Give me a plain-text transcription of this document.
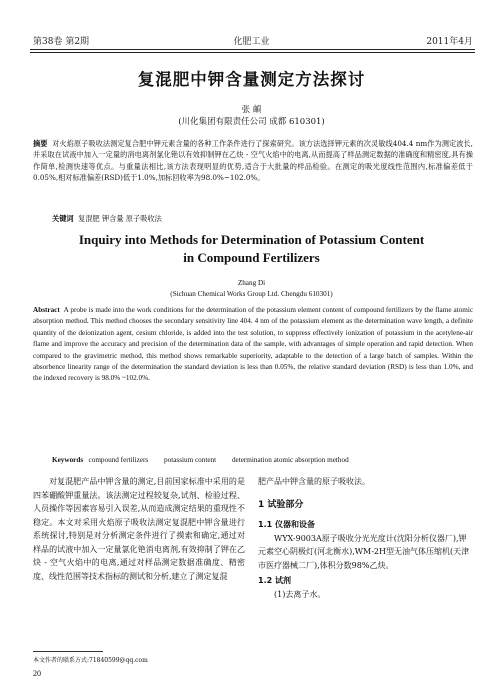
第38卷 第2期	化肥工业	2011年4月
复混肥中钾含量测定方法探讨
张 頔
(川化集团有限责任公司 成都 610301)
摘要 对火焰原子吸收法测定复合肥中钾元素含量的各种工作条件进行了探索研究。该方法选择钾元素的次灵敏线404.4 nm作为测定波长,并采取在试液中加入一定量的消电离剂氯化铯以有效抑制钾在乙炔 - 空气火焰中的电离,从而提高了样品测定数据的准确度和精密度,具有操作简单,检测快速等优点。与重量法相比,该方法表现明显的优势,适合于大批量的样品检验。在测定的吸光度线性范围内,标准偏差低于0.05%,相对标准偏差(RSD)低于1.0%,加标回收率为98.0%~102.0%。
关键词 复混肥 钾含量 原子吸收法
Inquiry into Methods for Determination of Potassium Content
in Compound Fertilizers
Zhang Di
(Sichuan Chemical Works Group Ltd. Chengdu 610301)
Abstract A probe is made into the work conditions for the determination of the potassium element content of compound fertilizers by the flame atomic absorption method. This method chooses the secondary sensitivity line 404. 4 nm of the potassium element as the determination wave length, a definite quantity of the deionization agent, cesium chloride, is added into the test solution, to suppress effectively ionization of potassium in the acetylene-air flame and improve the accuracy and precision of the determination data of the sample, with advantages of simple operation and rapid detection. When compared to the gravimetric method, this method shows remarkable superiority, adaptable to the detection of a large batch of samples. Within the absorbence linearity range of the determination the standard deviation is less than 0.05%, the relative standard deviation (RSD) is less than 1.0%, and the indexed recovery is 98.0% ~102.0%.
Keywords compound fertilizers potassium content determination atomic absorption method

对复混肥产品中钾含量的测定,目前国家标准中采用的是四苯硼酸钾重量法。该法测定过程较复杂,试剂、检验过程、人员操作等因素容易引入误差,从而造成测定结果的重现性不稳定。本文对采用火焰原子吸收法测定复混肥中钾含量进行系统探讨,特别是对分析测定条件进行了摸索和确定,通过对样品的试液中加入一定量氯化铯消电离剂,有效抑制了钾在乙炔 - 空气火焰中的电离,通过对样品测定数据准确度、精密度、线性范围等技术指标的测试和分析,建立了测定复混

肥产品中钾含量的原子吸收法。

1 试验部分
1.1 仪器和设备

WYX-9003A原子吸收分光光度计(沈阳分析仪器厂),钾元素空心阴极灯(河北衡水),WM-2H型无油气体压缩机(天津市医疗器械二厂),体积分数98%乙炔。

1.2 试剂

(1)去离子水。

本文作者的联系方式:71840599@qq.com
20
